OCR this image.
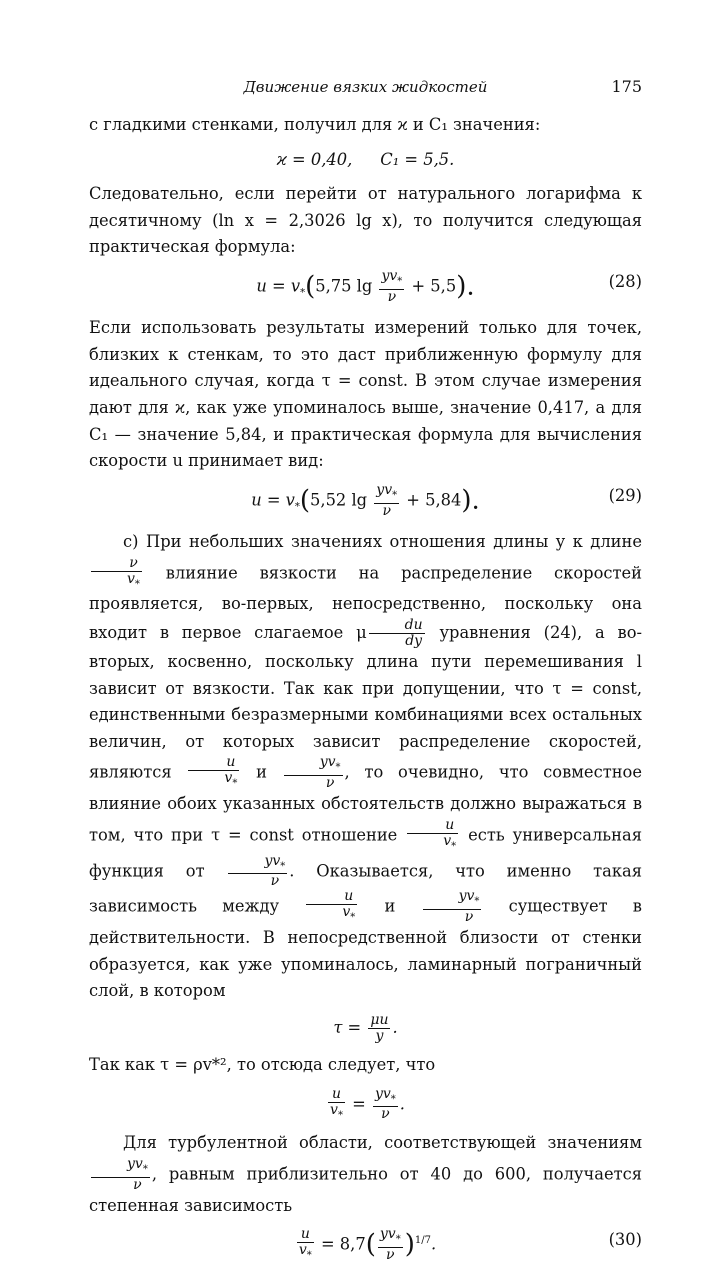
Движение вязких жидкостей	175

с гладкими стенками, получил для ϰ и C₁ значения:

ϰ = 0,40, C₁ = 5,5.

Следовательно, если перейти от натурального логарифма к десятичному (ln x = 2,3026 lg x), то получится следующая практическая формула:

$u = v_*(5,75$ $\lg \frac{yv_*}{\nu} + 5,5$).	(28)

Если использовать результаты измерений только для точек, близких к стенкам, то это даст приближенную формулу для идеального случая, когда τ = const. В этом случае измерения дают для ϰ, как уже упоминалось выше, значение 0,417, а для C₁ — значение 5,84, и практическая формула для вычисления скорости u принимает вид:

$u = v_*(5,52$ $\lg \frac{yv_*}{\nu} + 5,84$).	(29)

c) При небольших значениях отношения длины y к длине
$\frac{\nu}{v_*}$ влияние вязкости на распределение скоростей проявляется, во-первых, непосредственно, поскольку она входит в первое слагаемое μ $\frac{du}{dy}$ уравнения (24), а во-вторых, косвенно, поскольку длина пути перемешивания l зависит от вязкости. Так как при допущении, что τ = const, единственными безразмерными комбинациями всех остальных величин, от которых зависит распределение скоростей, являются $\frac{u}{v_*}$ и $\frac{yv_*}{\nu}$ , то очевидно, что совместное влияние обоих указанных обстоятельств должно выражаться в том, что при τ = const отношение $\frac{u}{v_*}$ есть универсальная функция от $\frac{yv_*}{\nu}$ . Оказывается, что именно такая зависимость между $\frac{u}{v_*}$ и $\frac{yv_*}{\nu}$ существует в действительности. В непосредственной близости от стенки образуется, как уже упоминалось, ламинарный пограничный слой, в котором

$\tau = \frac{\mu u}{y}$ .

Так как τ = ρv*², то отсюда следует, что

$\frac{u}{v_*} = \frac{yv_*}{\nu}$ .

Для турбулентной области, соответствующей значениям
$\frac{yv_*}{\nu}$ , равным приблизительно от 40 до 600, получается степенная зависимость

$\frac{u}{v_*} = 8,7( \frac{yv_*}{\nu} )^{1/7}$.	(30)
